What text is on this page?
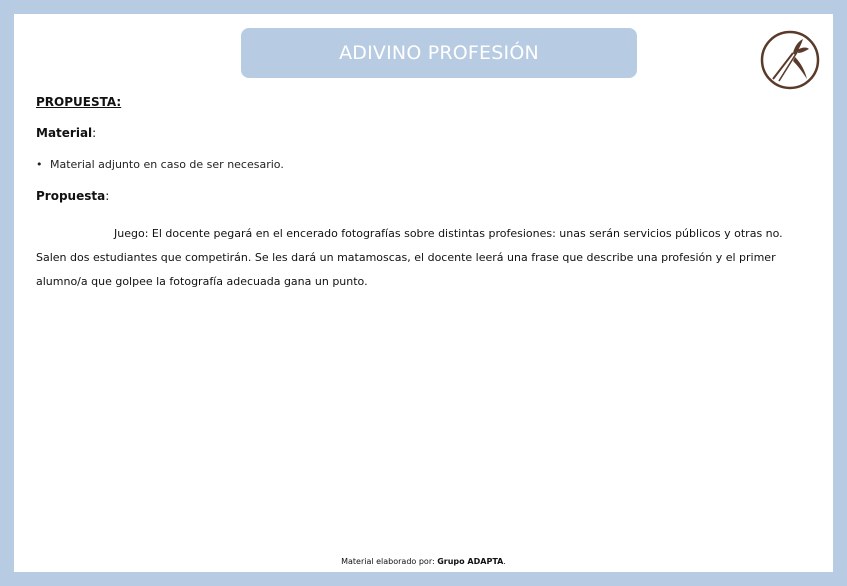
ADIVINO PROFESIÓN
PROPUESTA:
Material:
• Material adjunto en caso de ser necesario.
Propuesta:
Juego: El docente pegará en el encerado fotografías sobre distintas profesiones: unas serán servicios públicos y otras no. Salen dos estudiantes que competirán. Se les dará un matamoscas, el docente leerá una frase que describe una profesión y el primer alumno/a que golpee la fotografía adecuada gana un punto.
Material elaborado por: Grupo ADAPTA.
